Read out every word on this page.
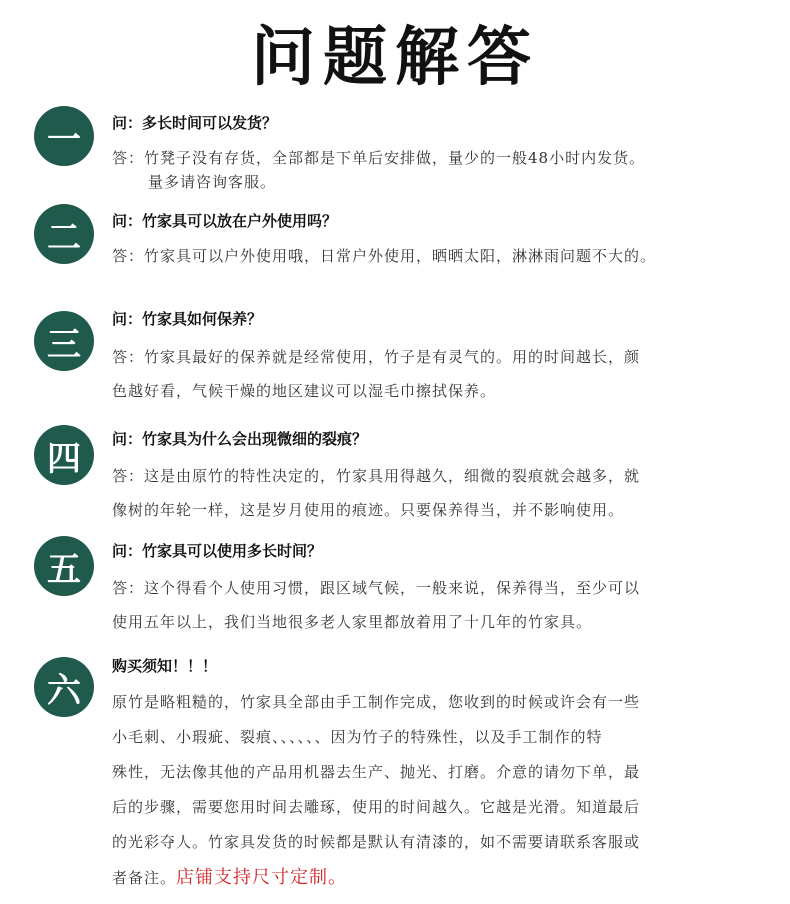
问题解答
一	问：多长时间可以发货？
答：竹凳子没有存货，全部都是下单后安排做，量少的一般48小时内发货。
量多请咨询客服。
二	问：竹家具可以放在户外使用吗？
答：竹家具可以户外使用哦，日常户外使用，晒晒太阳，淋淋雨问题不大的。
三
问：竹家具如何保养？
答：竹家具最好的保养就是经常使用，竹子是有灵气的。用的时间越长，颜
色越好看，气候干燥的地区建议可以湿毛巾擦拭保养。
四	问：竹家具为什么会出现微细的裂痕？
答：这是由原竹的特性决定的，竹家具用得越久，细微的裂痕就会越多，就
像树的年轮一样，这是岁月使用的痕迹。只要保养得当，并不影响使用。
五	问：竹家具可以使用多长时间？
答：这个得看个人使用习惯，跟区域气候，一般来说，保养得当，至少可以
使用五年以上，我们当地很多老人家里都放着用了十几年的竹家具。
六
购买须知！！！
原竹是略粗糙的，竹家具全部由手工制作完成，您收到的时候或许会有一些
小毛刺、小瑕疵、裂痕、、、、、、因为竹子的特殊性，以及手工制作的特
殊性，无法像其他的产品用机器去生产、抛光、打磨。介意的请勿下单，最
后的步骤，需要您用时间去雕琢，使用的时间越久。它越是光滑。知道最后
的光彩夺人。竹家具发货的时候都是默认有清漆的，如不需要请联系客服或
者备注。店铺支持尺寸定制。
